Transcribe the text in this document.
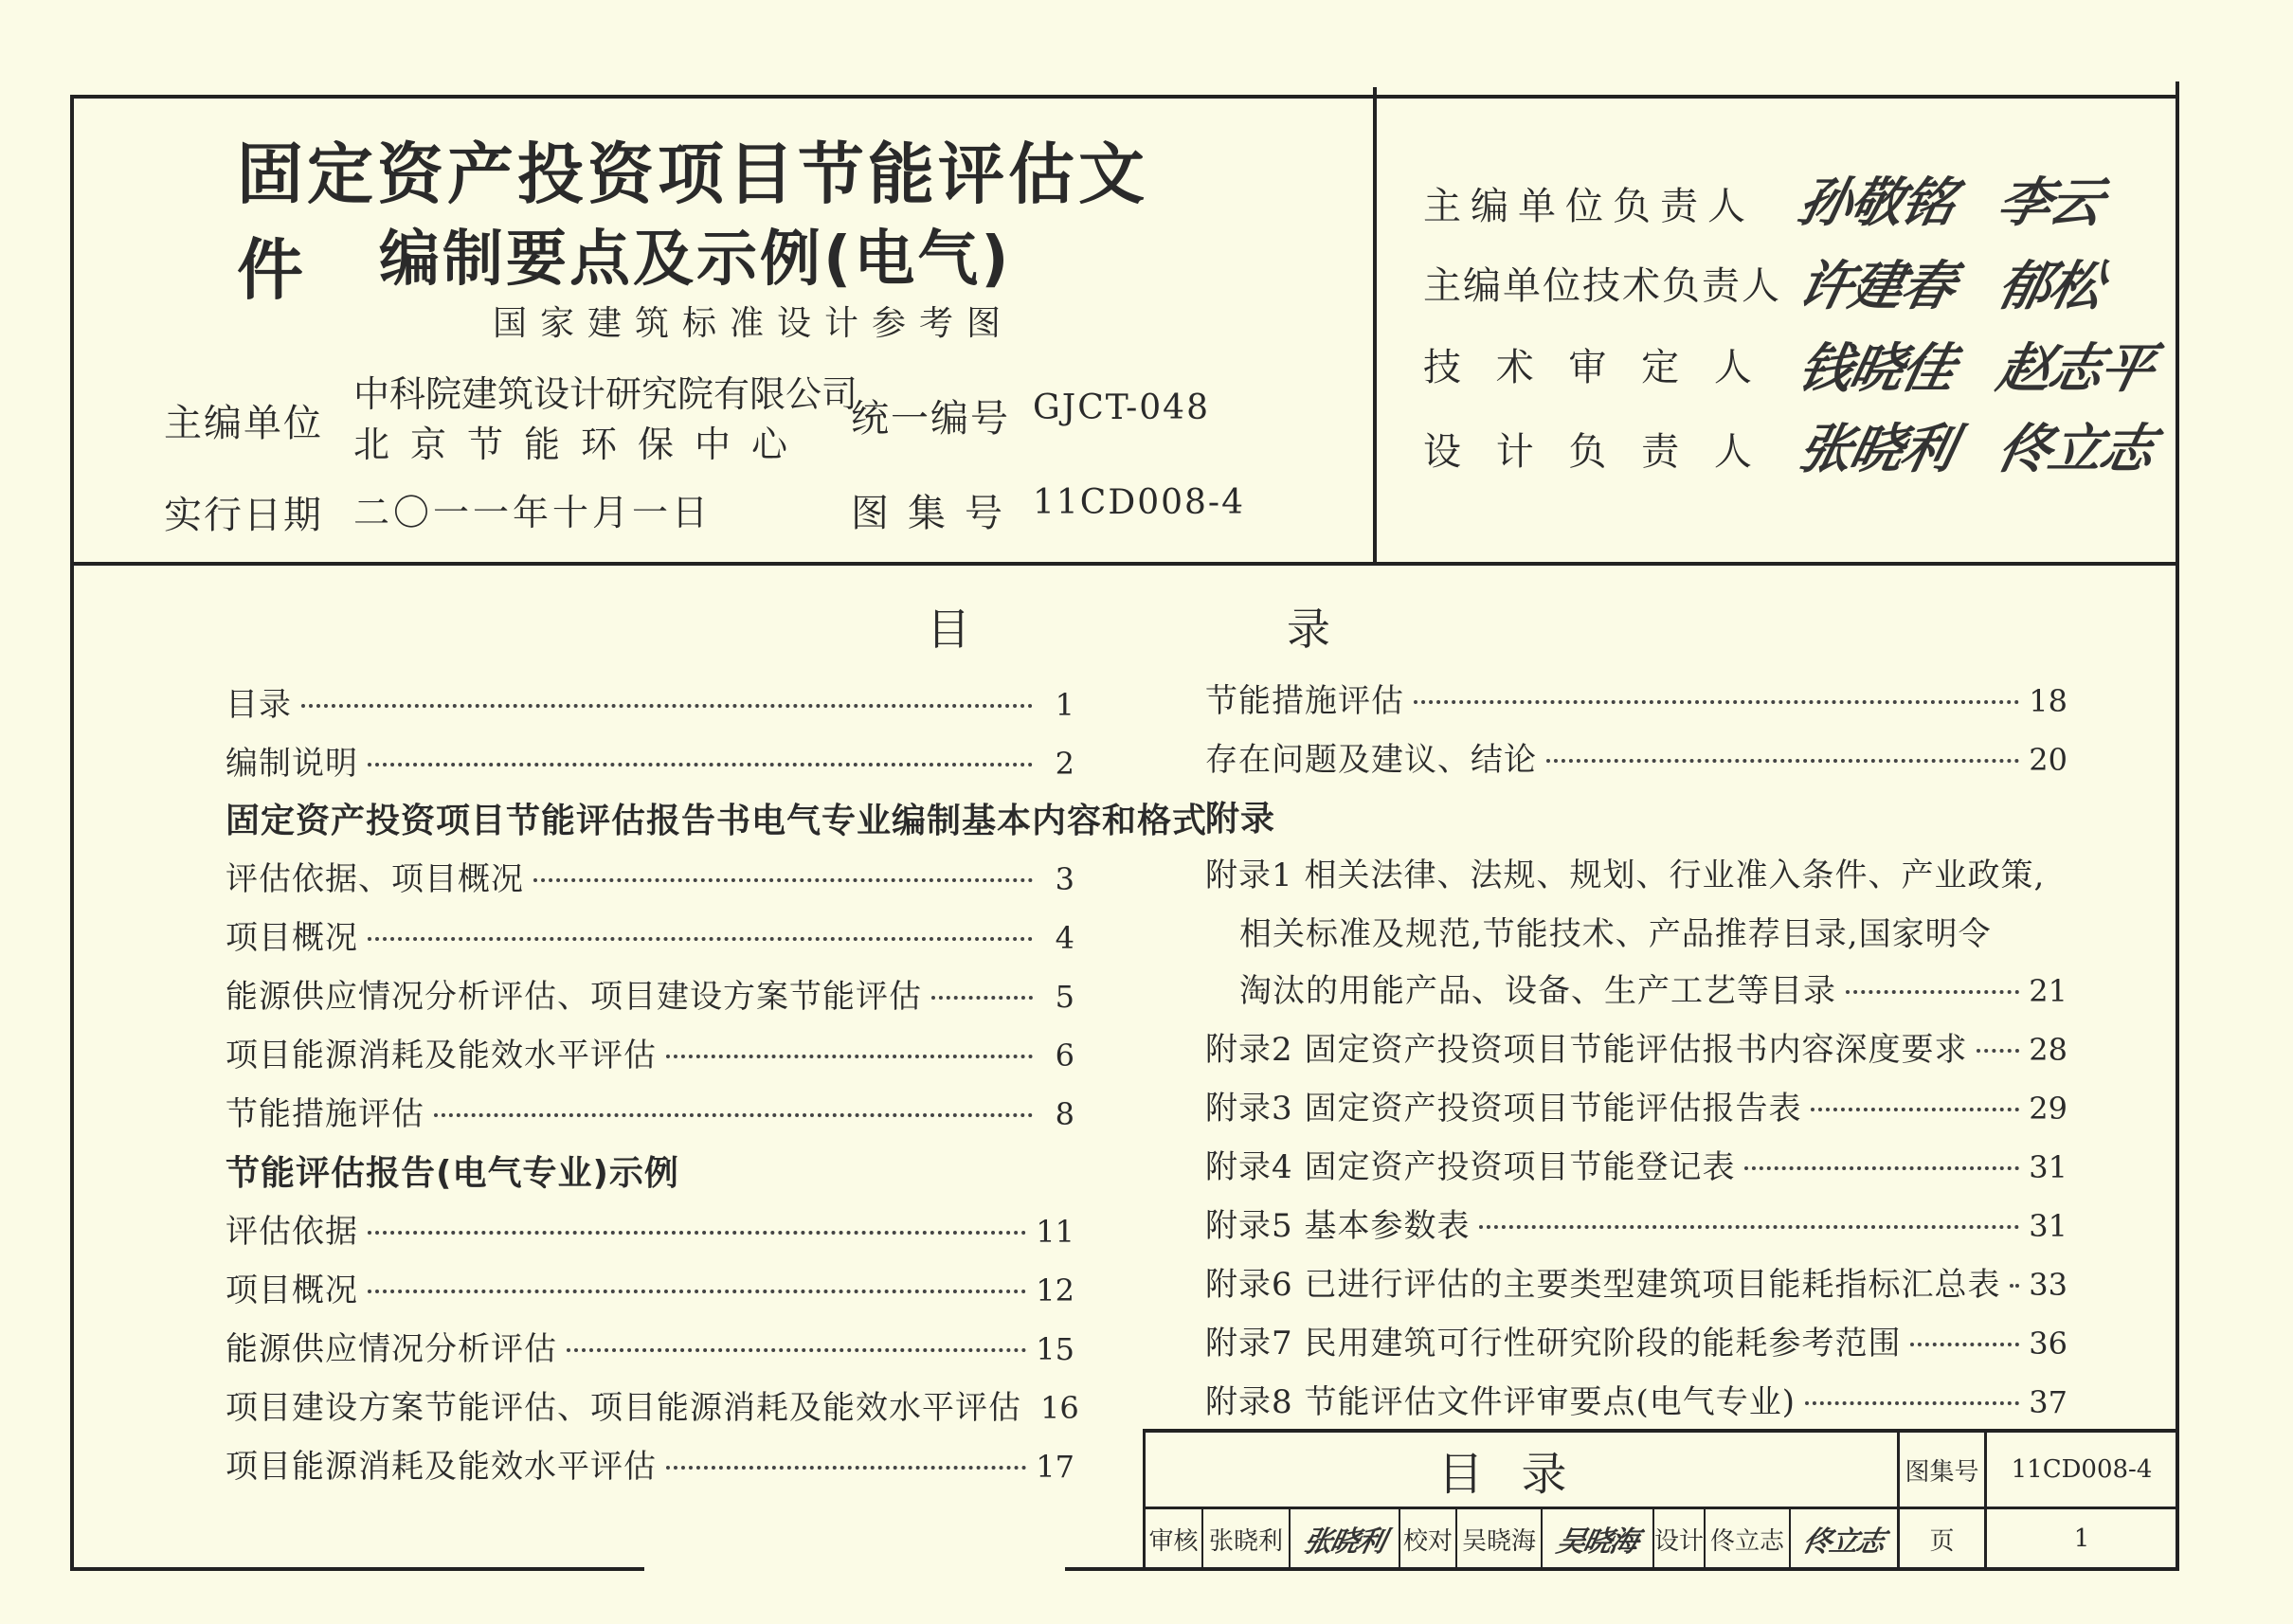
固定资产投资项目节能评估文件	编制要点及示例(电气)
国家建筑标准设计参考图
主编单位
中科院建筑设计研究院有限公司
北京节能环保中心
统一编号 GJCT-048
实行日期 二〇一一年十月一日	图集号 11CD008-4
主编单位负责人 孙敬铭 李云
主编单位技术负责人 许建春 郁松
技 术 审 定 人 钱晓佳 赵志平
设 计 负 责 人 张晓利 佟立志
目	录
目录	1
编制说明	2
固定资产投资项目节能评估报告书电气专业编制基本内容和格式
评估依据、项目概况	3
项目概况	4
能源供应情况分析评估、项目建设方案节能评估	5
项目能源消耗及能效水平评估	6
节能措施评估	8
节能评估报告(电气专业)示例
评估依据	11
项目概况	12
能源供应情况分析评估	15
项目建设方案节能评估、项目能源消耗及能效水平评估 16
项目能源消耗及能效水平评估	17
节能措施评估	18
存在问题及建议、结论	20
附录
附录1 相关法律、法规、规划、行业准入条件、产业政策,
相关标准及规范,节能技术、产品推荐目录,国家明令
淘汰的用能产品、设备、生产工艺等目录	21
附录2 固定资产投资项目节能评估报书内容深度要求 28
附录3 固定资产投资项目节能评估报告表	29
附录4 固定资产投资项目节能登记表	31
附录5 基本参数表	31
附录6 已进行评估的主要类型建筑项目能耗指标汇总表 33
附录7 民用建筑可行性研究阶段的能耗参考范围	36
附录8 节能评估文件评审要点(电气专业)	37
目录	图集号	11CD008-4
审核 张晓利 张晓利 校对 吴晓海 吴晓海 设计 佟立志 佟立志	页	1
